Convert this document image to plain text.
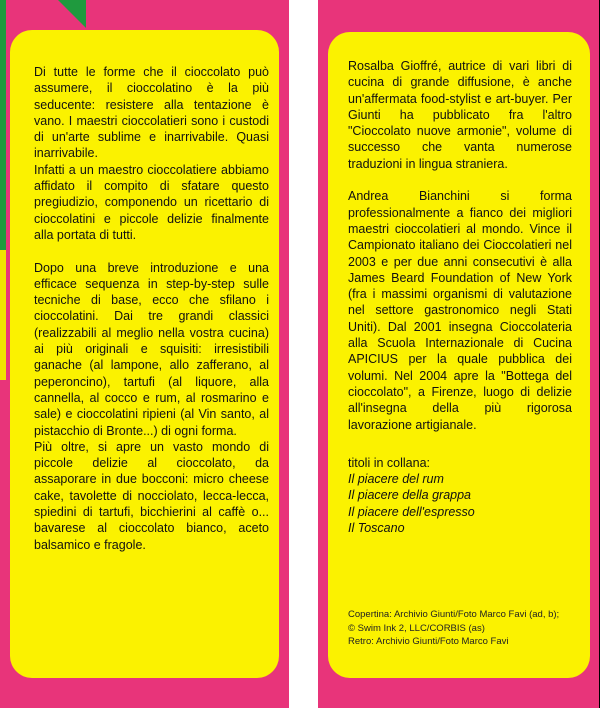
Di tutte le forme che il cioccolato può assumere, il cioccolatino è la più seducente: resistere alla tentazione è vano. I maestri cioccolatieri sono i custodi di un'arte sublime e inarrivabile. Quasi inarrivabile.

Infatti a un maestro cioccolatiere abbiamo affidato il compito di sfatare questo pregiudizio, componendo un ricettario di cioccolatini e piccole delizie finalmente alla portata di tutti.

Dopo una breve introduzione e una efficace sequenza in step-by-step sulle tecniche di base, ecco che sfilano i cioccolatini. Dai tre grandi classici (realizzabili al meglio nella vostra cucina) ai più originali e squisiti: irresistibili ganache (al lampone, allo zafferano, al peperoncino), tartufi (al liquore, alla cannella, al cocco e rum, al rosmarino e sale) e cioccolatini ripieni (al Vin santo, al pistacchio di Bronte...) di ogni forma.

Più oltre, si apre un vasto mondo di piccole delizie al cioccolato, da assaporare in due bocconi: micro cheese cake, tavolette di nocciolato, lecca-lecca, spiedini di tartufi, bicchierini al caffè o... bavarese al cioccolato bianco, aceto balsamico e fragole.

Rosalba Gioffré, autrice di vari libri di cucina di grande diffusione, è anche un'affermata food-stylist e art-buyer. Per Giunti ha pubblicato fra l'altro "Cioccolato nuove armonie", volume di successo che vanta numerose traduzioni in lingua straniera.

Andrea Bianchini si forma professionalmente a fianco dei migliori maestri cioccolatieri al mondo. Vince il Campionato italiano dei Cioccolatieri nel 2003 e per due anni consecutivi è alla James Beard Foundation of New York (fra i massimi organismi di valutazione nel settore gastronomico negli Stati Uniti). Dal 2001 insegna Cioccolateria alla Scuola Internazionale di Cucina APICIUS per la quale pubblica dei volumi. Nel 2004 apre la "Bottega del cioccolato", a Firenze, luogo di delizie all'insegna della più rigorosa lavorazione artigianale.

titoli in collana:

Il piacere del rum

Il piacere della grappa

Il piacere dell'espresso

Il Toscano

Copertina: Archivio Giunti/Foto Marco Favi (ad, b);

© Swim Ink 2, LLC/CORBIS (as)

Retro: Archivio Giunti/Foto Marco Favi
